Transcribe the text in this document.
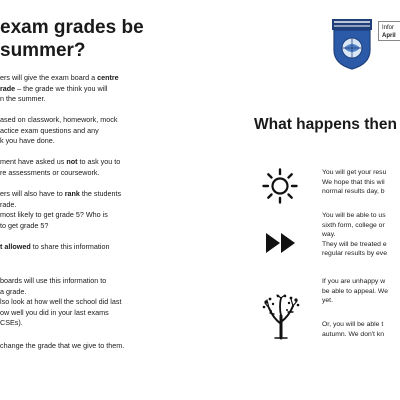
exam grades be
summer?

ers will give the exam board a centre
rade – the grade we think you will
n the summer.

ased on classwork, homework, mock
actice exam questions and any
k you have done.

ment have asked us not to ask you to
re assessments or coursework.

ers will also have to rank the students
rade.
most likely to get grade 5? Who is
to get grade 5?

t allowed to share this information

boards will use this information to
a grade.
lso look at how well the school did last
ow well you did in your last exams
CSEs).

change the grade that we give to them.

Infor
April
What happens then

You will get your resu
We hope that this wil
normal results day, b

You will be able to us
sixth form, college or
way.
They will be treated e
regular results by eve

If you are unhappy w
be able to appeal. We
yet.

Or, you will be able t
autumn. We don't kn
